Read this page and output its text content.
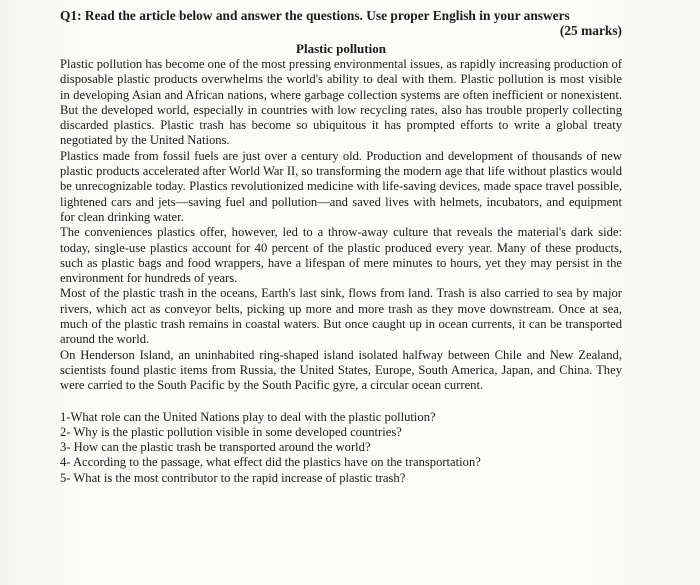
Q1: Read the article below and answer the questions. Use proper English in your answers
(25 marks)
Plastic pollution

Plastic pollution has become one of the most pressing environmental issues, as rapidly increasing production of disposable plastic products overwhelms the world's ability to deal with them. Plastic pollution is most visible in developing Asian and African nations, where garbage collection systems are often inefficient or nonexistent. But the developed world, especially in countries with low recycling rates, also has trouble properly collecting discarded plastics. Plastic trash has become so ubiquitous it has prompted efforts to write a global treaty negotiated by the United Nations.

Plastics made from fossil fuels are just over a century old. Production and development of thousands of new plastic products accelerated after World War II, so transforming the modern age that life without plastics would be unrecognizable today. Plastics revolutionized medicine with life-saving devices, made space travel possible, lightened cars and jets—saving fuel and pollution—and saved lives with helmets, incubators, and equipment for clean drinking water.

The conveniences plastics offer, however, led to a throw-away culture that reveals the material's dark side: today, single-use plastics account for 40 percent of the plastic produced every year. Many of these products, such as plastic bags and food wrappers, have a lifespan of mere minutes to hours, yet they may persist in the environment for hundreds of years.

Most of the plastic trash in the oceans, Earth's last sink, flows from land. Trash is also carried to sea by major rivers, which act as conveyor belts, picking up more and more trash as they move downstream. Once at sea, much of the plastic trash remains in coastal waters. But once caught up in ocean currents, it can be transported around the world.

On Henderson Island, an uninhabited ring-shaped island isolated halfway between Chile and New Zealand, scientists found plastic items from Russia, the United States, Europe, South America, Japan, and China. They were carried to the South Pacific by the South Pacific gyre, a circular ocean current.

1-What role can the United Nations play to deal with the plastic pollution?
2- Why is the plastic pollution visible in some developed countries?
3- How can the plastic trash be transported around the world?
4- According to the passage, what effect did the plastics have on the transportation?
5- What is the most contributor to the rapid increase of plastic trash?
